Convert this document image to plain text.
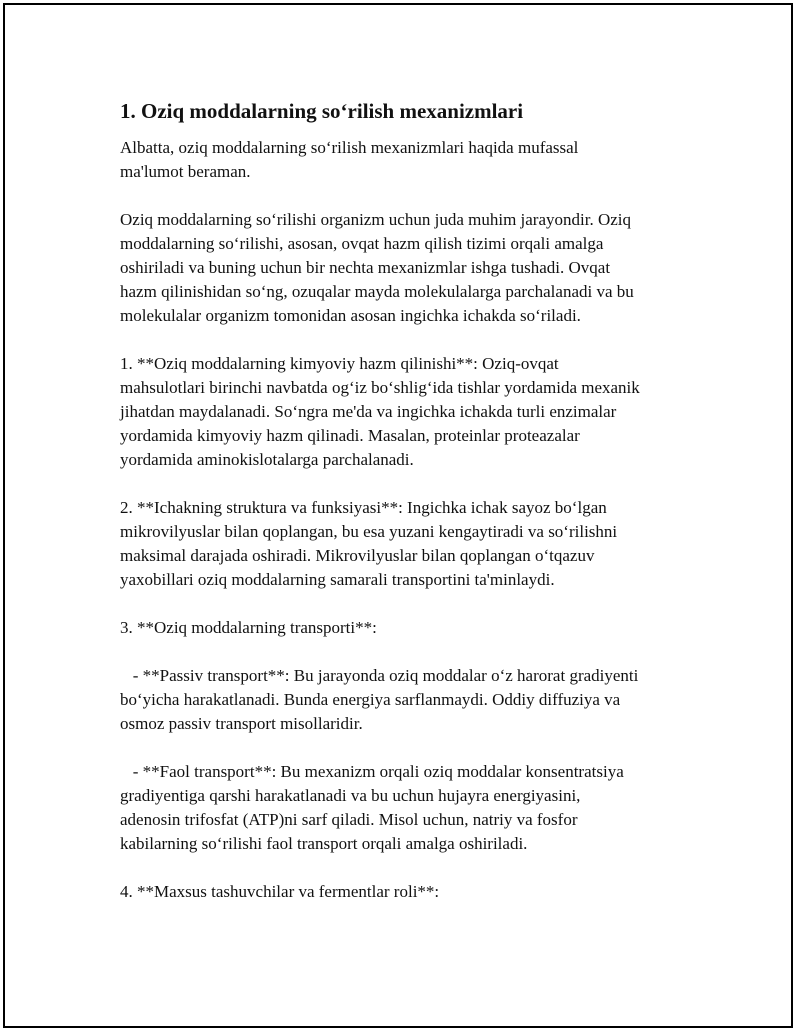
1. Oziq moddalarning so‘rilish mexanizmlari

Albatta, oziq moddalarning so‘rilish mexanizmlari haqida mufassal
ma'lumot beraman.

Oziq moddalarning so‘rilishi organizm uchun juda muhim jarayondir. Oziq
moddalarning so‘rilishi, asosan, ovqat hazm qilish tizimi orqali amalga
oshiriladi va buning uchun bir nechta mexanizmlar ishga tushadi. Ovqat
hazm qilinishidan so‘ng, ozuqalar mayda molekulalarga parchalanadi va bu
molekulalar organizm tomonidan asosan ingichka ichakda so‘riladi.

1. **Oziq moddalarning kimyoviy hazm qilinishi**: Oziq-ovqat
mahsulotlari birinchi navbatda og‘iz bo‘shlig‘ida tishlar yordamida mexanik
jihatdan maydalanadi. So‘ngra me'da va ingichka ichakda turli enzimalar
yordamida kimyoviy hazm qilinadi. Masalan, proteinlar proteazalar
yordamida aminokislotalarga parchalanadi.

2. **Ichakning struktura va funksiyasi**: Ingichka ichak sayoz bo‘lgan
mikrovilyuslar bilan qoplangan, bu esa yuzani kengaytiradi va so‘rilishni
maksimal darajada oshiradi. Mikrovilyuslar bilan qoplangan o‘tqazuv
yaxobillari oziq moddalarning samarali transportini ta'minlaydi.

3. **Oziq moddalarning transporti**:

- **Passiv transport**: Bu jarayonda oziq moddalar o‘z harorat gradiyenti
bo‘yicha harakatlanadi. Bunda energiya sarflanmaydi. Oddiy diffuziya va
osmoz passiv transport misollaridir.

- **Faol transport**: Bu mexanizm orqali oziq moddalar konsentratsiya
gradiyentiga qarshi harakatlanadi va bu uchun hujayra energiyasini,
adenosin trifosfat (ATP)ni sarf qiladi. Misol uchun, natriy va fosfor
kabilarning so‘rilishi faol transport orqali amalga oshiriladi.

4. **Maxsus tashuvchilar va fermentlar roli**:
